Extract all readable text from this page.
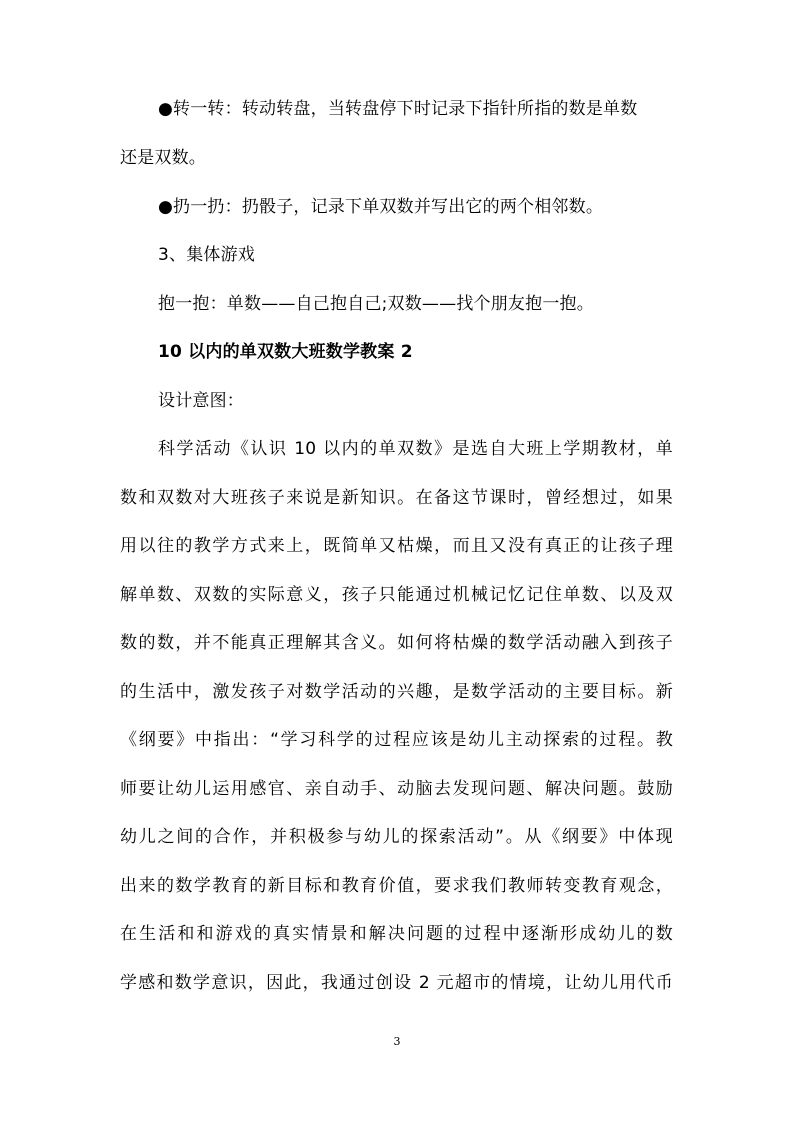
●转一转：转动转盘，当转盘停下时记录下指针所指的数是单数
还是双数。
●扔一扔：扔骰子，记录下单双数并写出它的两个相邻数。
3、集体游戏
抱一抱：单数——自己抱自己;双数——找个朋友抱一抱。
10 以内的单双数大班数学教案 2
设计意图：
科学活动《认识 10 以内的单双数》是选自大班上学期教材，单
数和双数对大班孩子来说是新知识。在备这节课时，曾经想过，如果
用以往的教学方式来上，既简单又枯燥，而且又没有真正的让孩子理
解单数、双数的实际意义，孩子只能通过机械记忆记住单数、以及双
数的数，并不能真正理解其含义。如何将枯燥的数学活动融入到孩子
的生活中，激发孩子对数学活动的兴趣，是数学活动的主要目标。新
《纲要》中指出：“学习科学的过程应该是幼儿主动探索的过程。教
师要让幼儿运用感官、亲自动手、动脑去发现问题、解决问题。鼓励
幼儿之间的合作，并积极参与幼儿的探索活动”。从《纲要》中体现
出来的数学教育的新目标和教育价值，要求我们教师转变教育观念，
在生活和和游戏的真实情景和解决问题的过程中逐渐形成幼儿的数
学感和数学意识，因此，我通过创设 2 元超市的情境，让幼儿用代币
3
